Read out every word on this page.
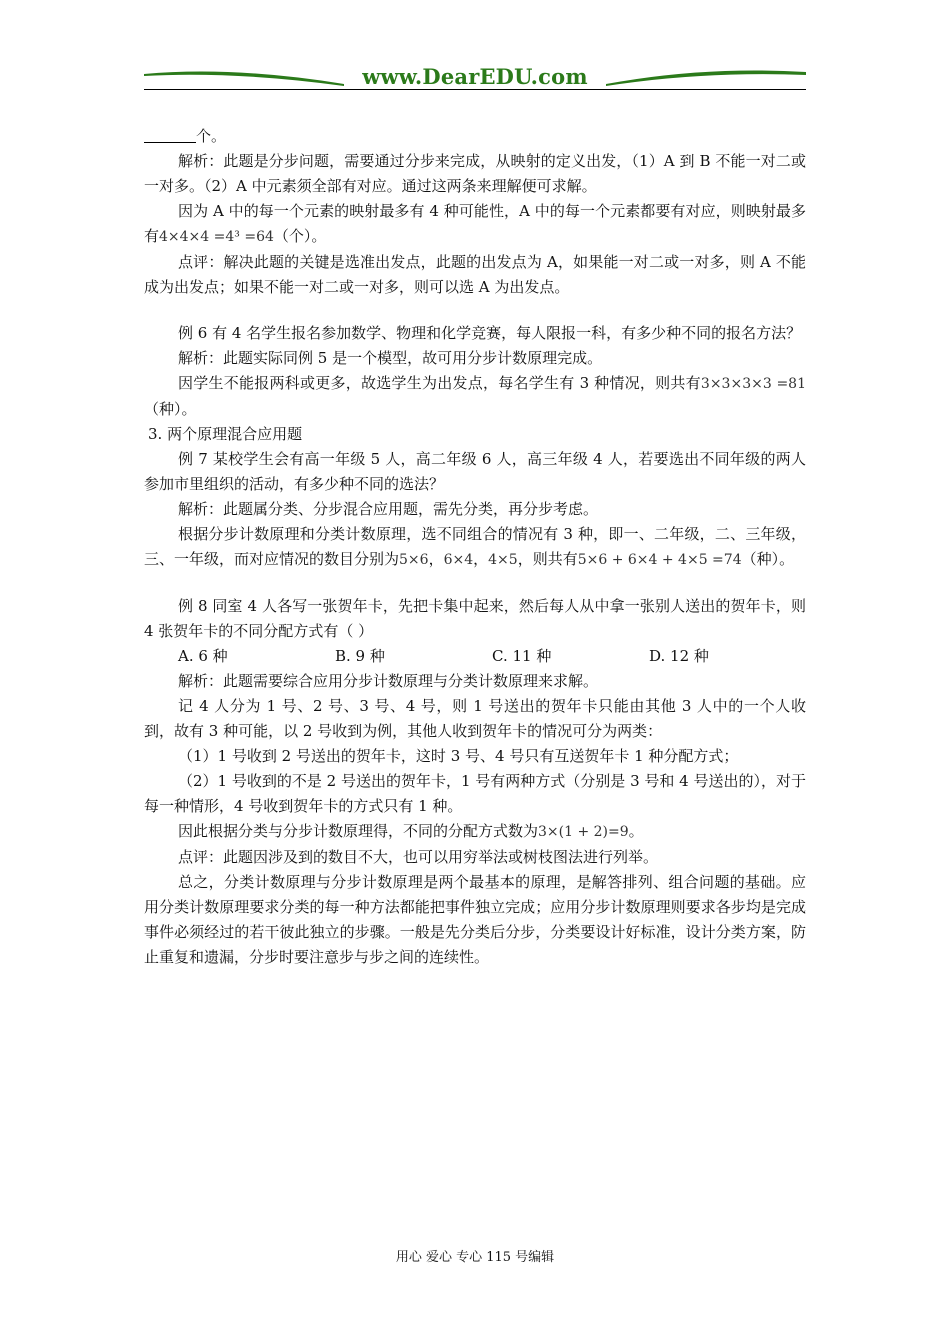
www.DearEDU.com

个。

解析：此题是分步问题，需要通过分步来完成，从映射的定义出发，（1）A 到 B 不能一对二或一对多。（2）A 中元素须全部有对应。通过这两条来理解便可求解。

因为 A 中的每一个元素的映射最多有 4 种可能性，A 中的每一个元素都要有对应，则映射最多有4×4×4 =4³ =64（个）。

点评：解决此题的关键是选准出发点，此题的出发点为 A，如果能一对二或一对多，则 A 不能成为出发点；如果不能一对二或一对多，则可以选 A 为出发点。

例 6 有 4 名学生报名参加数学、物理和化学竞赛，每人限报一科，有多少种不同的报名方法？

解析：此题实际同例 5 是一个模型，故可用分步计数原理完成。

因学生不能报两科或更多，故选学生为出发点，每名学生有 3 种情况，则共有3×3×3×3 =81（种）。

3. 两个原理混合应用题

例 7 某校学生会有高一年级 5 人，高二年级 6 人，高三年级 4 人，若要选出不同年级的两人参加市里组织的活动，有多少种不同的选法？

解析：此题属分类、分步混合应用题，需先分类，再分步考虑。

根据分步计数原理和分类计数原理，选不同组合的情况有 3 种，即一、二年级，二、三年级，三、一年级，而对应情况的数目分别为5×6，6×4，4×5，则共有5×6 + 6×4 + 4×5 =74（种）。

例 8 同室 4 人各写一张贺年卡，先把卡集中起来，然后每人从中拿一张别人送出的贺年卡，则 4 张贺年卡的不同分配方式有（ ）

A. 6 种	B. 9 种	C. 11 种	D. 12 种

解析：此题需要综合应用分步计数原理与分类计数原理来求解。

记 4 人分为 1 号、2 号、3 号、4 号，则 1 号送出的贺年卡只能由其他 3 人中的一个人收到，故有 3 种可能，以 2 号收到为例，其他人收到贺年卡的情况可分为两类：

（1）1 号收到 2 号送出的贺年卡，这时 3 号、4 号只有互送贺年卡 1 种分配方式；

（2）1 号收到的不是 2 号送出的贺年卡，1 号有两种方式（分别是 3 号和 4 号送出的），对于每一种情形，4 号收到贺年卡的方式只有 1 种。

因此根据分类与分步计数原理得，不同的分配方式数为3×(1 + 2)=9。

点评：此题因涉及到的数目不大，也可以用穷举法或树枝图法进行列举。

总之，分类计数原理与分步计数原理是两个最基本的原理，是解答排列、组合问题的基础。应用分类计数原理要求分类的每一种方法都能把事件独立完成；应用分步计数原理则要求各步均是完成事件必须经过的若干彼此独立的步骤。一般是先分类后分步，分类要设计好标准，设计分类方案，防止重复和遗漏，分步时要注意步与步之间的连续性。

用心 爱心 专心 115 号编辑
